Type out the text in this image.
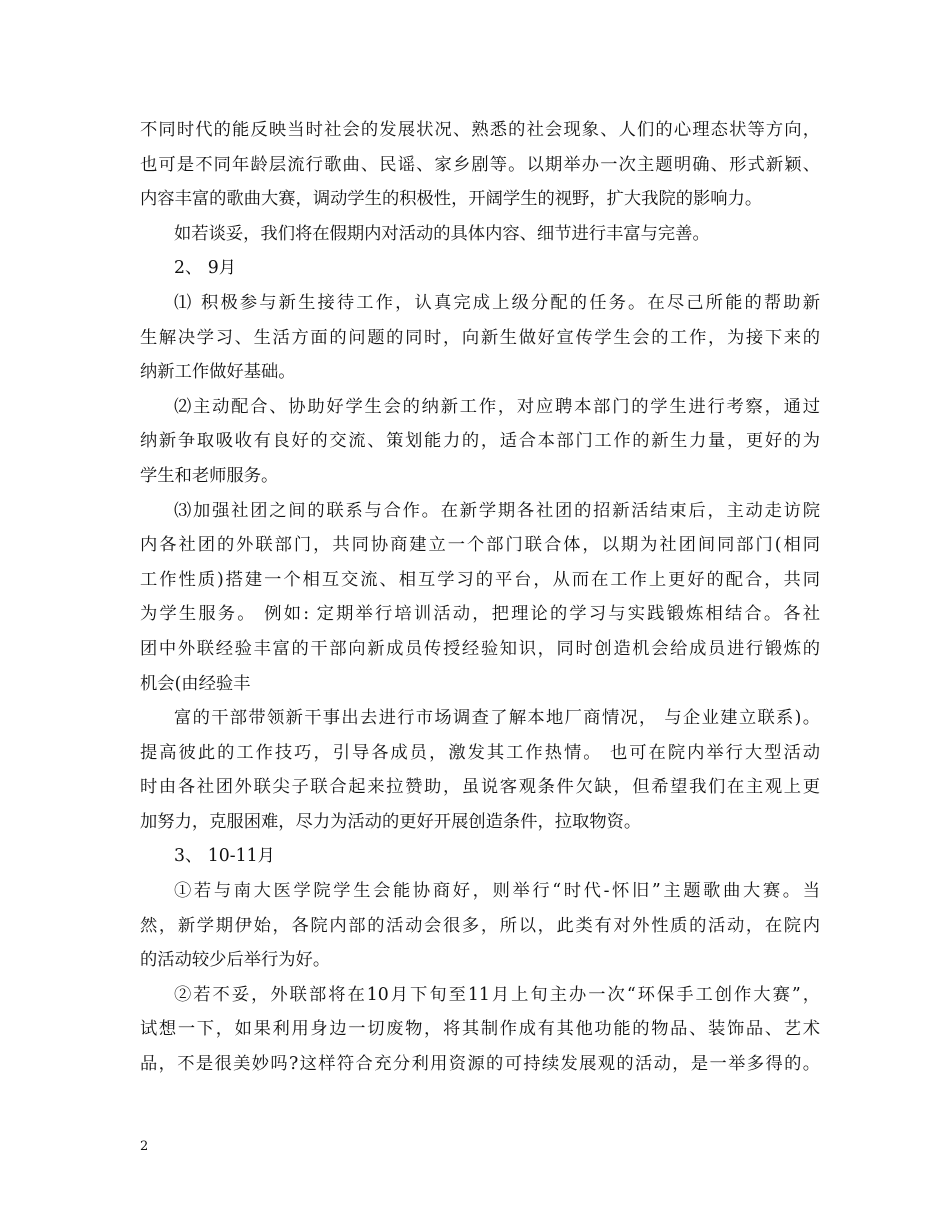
不同时代的能反映当时社会的发展状况、熟悉的社会现象、人们的心理态状等方向，
也可是不同年龄层流行歌曲、民谣、家乡剧等。以期举办一次主题明确、形式新颖、
内容丰富的歌曲大赛，调动学生的积极性，开阔学生的视野，扩大我院的影响力。
如若谈妥，我们将在假期内对活动的具体内容、细节进行丰富与完善。
2、 9月
⑴ 积极参与新生接待工作，认真完成上级分配的任务。在尽己所能的帮助新
生解决学习、生活方面的问题的同时，向新生做好宣传学生会的工作，为接下来的
纳新工作做好基础。
⑵主动配合、协助好学生会的纳新工作，对应聘本部门的学生进行考察，通过
纳新争取吸收有良好的交流、策划能力的，适合本部门工作的新生力量，更好的为
学生和老师服务。
⑶加强社团之间的联系与合作。在新学期各社团的招新活结束后，主动走访院
内各社团的外联部门，共同协商建立一个部门联合体，以期为社团间同部门(相同
工作性质)搭建一个相互交流、相互学习的平台，从而在工作上更好的配合，共同
为学生服务。 例如: 定期举行培训活动，把理论的学习与实践锻炼相结合。各社
团中外联经验丰富的干部向新成员传授经验知识，同时创造机会给成员进行锻炼的
机会(由经验丰
富的干部带领新干事出去进行市场调查了解本地厂商情况， 与企业建立联系)。
提高彼此的工作技巧，引导各成员，激发其工作热情。 也可在院内举行大型活动
时由各社团外联尖子联合起来拉赞助，虽说客观条件欠缺，但希望我们在主观上更
加努力，克服困难，尽力为活动的更好开展创造条件，拉取物资。
3、 10-11月
①若与南大医学院学生会能协商好，则举行“时代-怀旧”主题歌曲大赛。当
然，新学期伊始，各院内部的活动会很多，所以，此类有对外性质的活动，在院内
的活动较少后举行为好。
②若不妥，外联部将在10月下旬至11月上旬主办一次“环保手工创作大赛”，
试想一下，如果利用身边一切废物，将其制作成有其他功能的物品、装饰品、艺术
品，不是很美妙吗?这样符合充分利用资源的可持续发展观的活动，是一举多得的。
2
